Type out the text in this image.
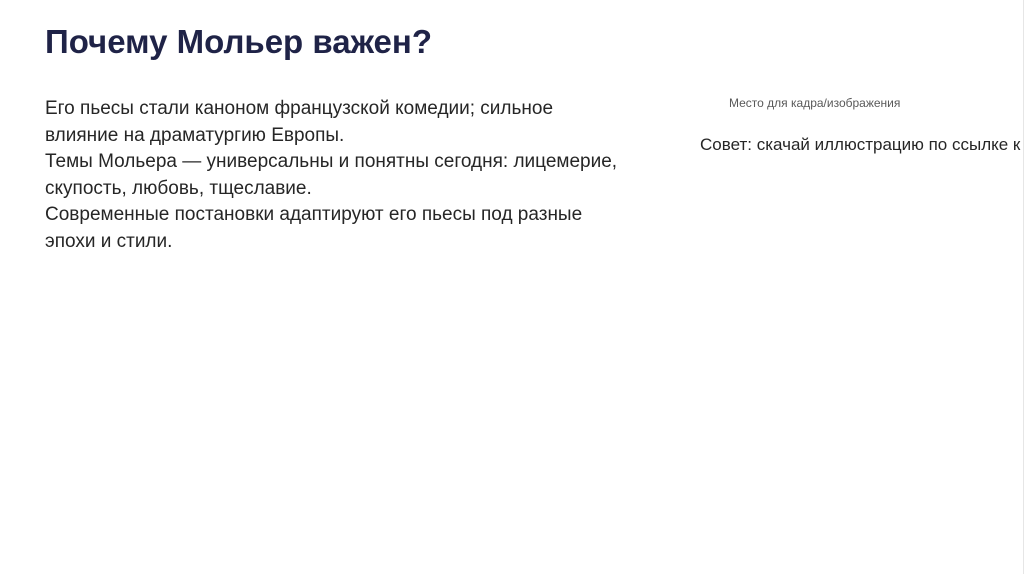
Почему Мольер важен?
Его пьесы стали каноном французской комедии; сильное
влияние на драматургию Европы.
Темы Мольера — универсальны и понятны сегодня: лицемерие,
скупость, любовь, тщеславие.
Современные постановки адаптируют его пьесы под разные
эпохи и стили.
Место для кадра/изображения
Совет: скачай иллюстрацию по ссылке к
